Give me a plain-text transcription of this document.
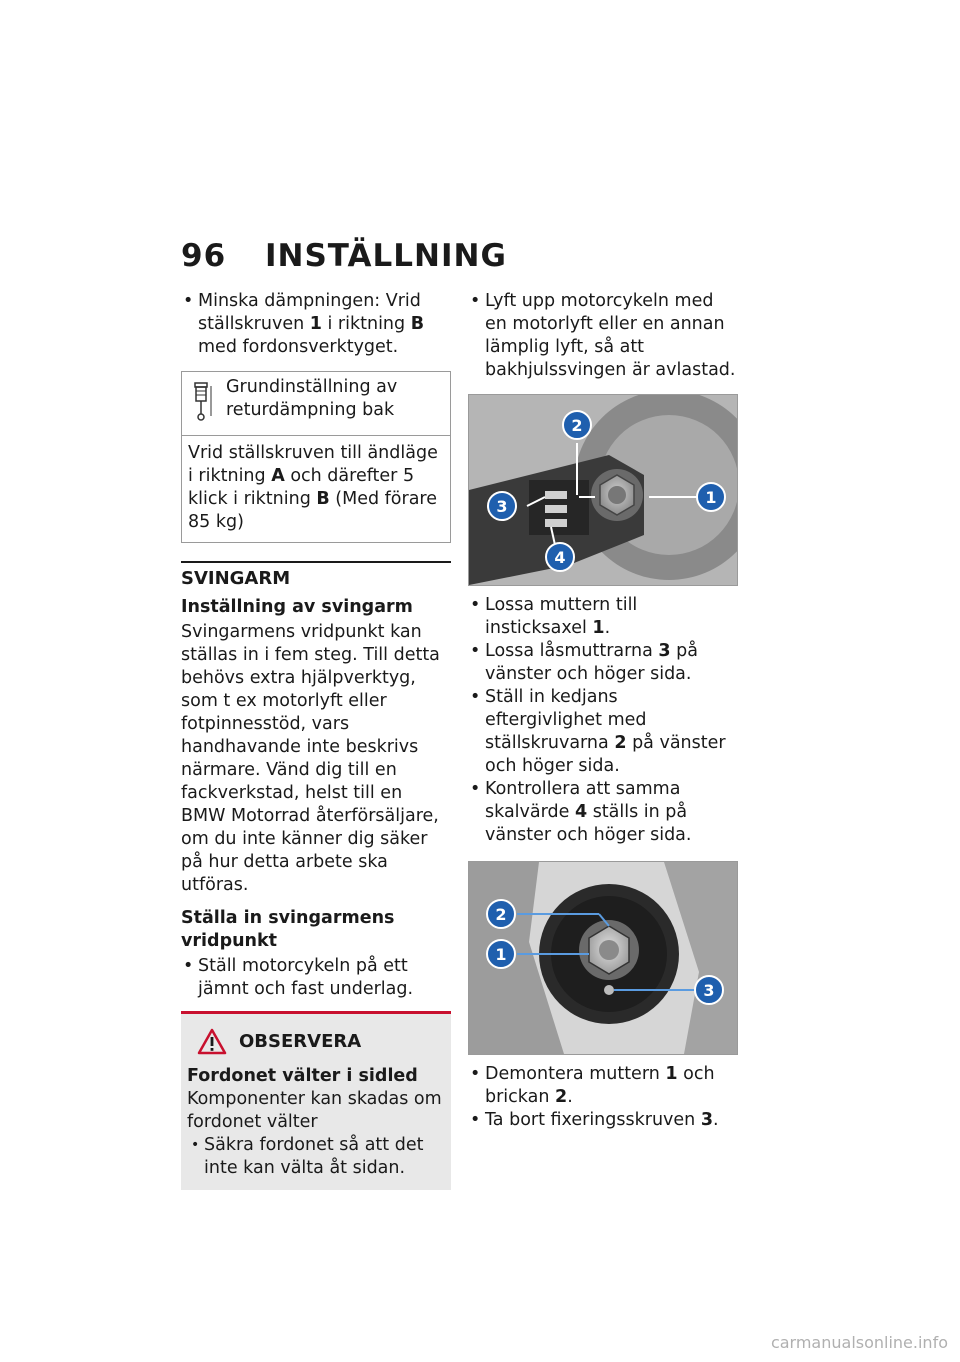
96 INSTÄLLNING
• Minska dämpningen: Vrid ställskruven 1 i riktning B med fordonsverktyget.
Grundinställning av returdämpning bak
Vrid ställskruven till ändläge i riktning A och därefter 5 klick i riktning B (Med förare 85 kg)
SVINGARM
Inställning av svingarm

Svingarmens vridpunkt kan ställas in i fem steg. Till detta behövs extra hjälpverktyg, som t ex motorlyft eller fotpinnesstöd, vars handhavande inte beskrivs närmare. Vänd dig till en fackverkstad, helst till en BMW Motorrad återförsäljare, om du inte känner dig säker på hur detta arbete ska utföras.

Ställa in svingarmens vridpunkt
• Ställ motorcykeln på ett jämnt och fast underlag.
OBSERVERA
Fordonet välter i sidled
Komponenter kan skadas om fordonet välter
• Säkra fordonet så att det inte kan välta åt sidan.
• Lyft upp motorcykeln med en motorlyft eller en annan lämplig lyft, så att bakhjulssvingen är avlastad.
1
2
3
4
• Lossa muttern till insticksaxel 1.
• Lossa låsmuttrarna 3 på vänster och höger sida.
• Ställ in kedjans eftergivlighet med ställskruvarna 2 på vänster och höger sida.
• Kontrollera att samma skalvärde 4 ställs in på vänster och höger sida.
2
1
3
• Demontera muttern 1 och brickan 2.
• Ta bort fixeringsskruven 3.
carmanualsonline.info
